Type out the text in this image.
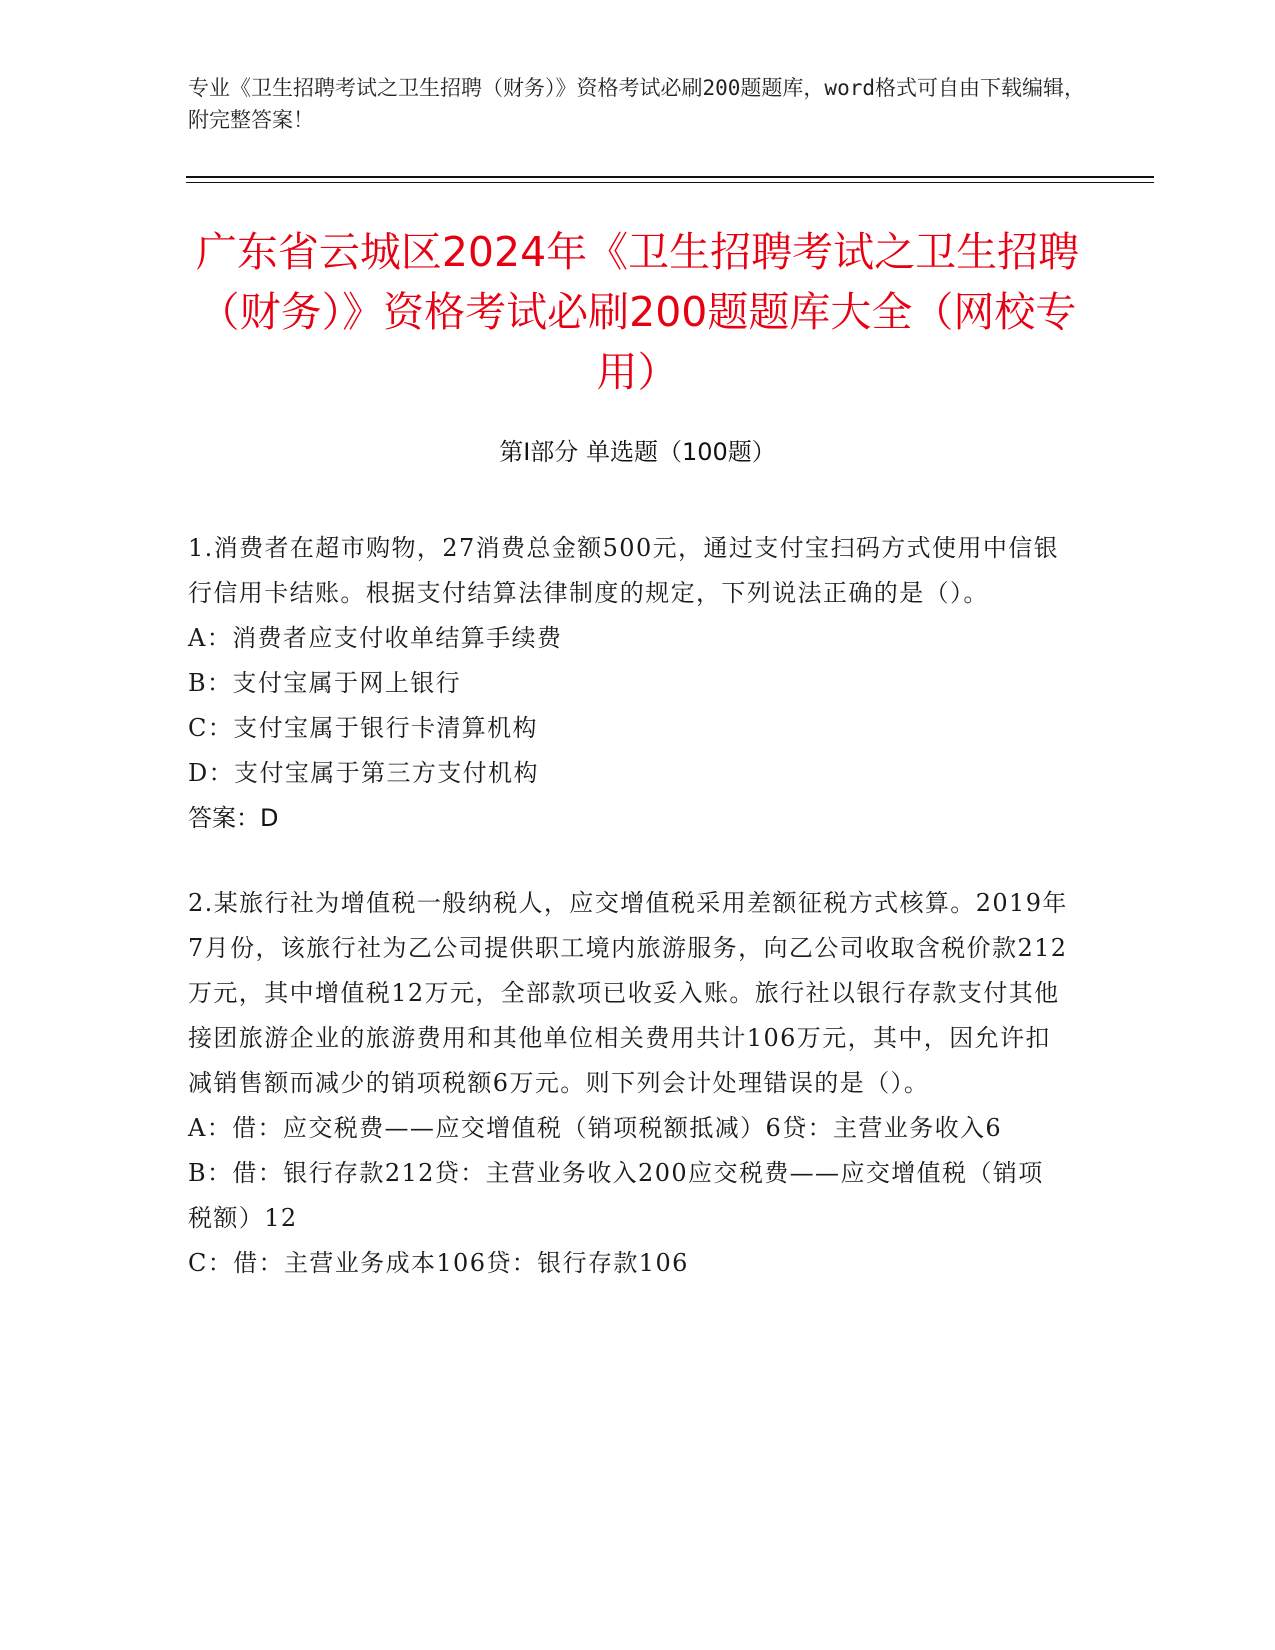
专业《卫生招聘考试之卫生招聘（财务）》资格考试必刷200题题库，word格式可自由下载编辑，附完整答案！
广东省云城区2024年《卫生招聘考试之卫生招聘（财务）》资格考试必刷200题题库大全（网校专用）
第Ⅰ部分 单选题（100题）

1.消费者在超市购物，27消费总金额500元，通过支付宝扫码方式使用中信银行信用卡结账。根据支付结算法律制度的规定，下列说法正确的是（）。

A：消费者应支付收单结算手续费

B：支付宝属于网上银行

C：支付宝属于银行卡清算机构

D：支付宝属于第三方支付机构

答案：D

2.某旅行社为增值税一般纳税人，应交增值税采用差额征税方式核算。2019年7月份，该旅行社为乙公司提供职工境内旅游服务，向乙公司收取含税价款212万元，其中增值税12万元，全部款项已收妥入账。旅行社以银行存款支付其他接团旅游企业的旅游费用和其他单位相关费用共计106万元，其中，因允许扣减销售额而减少的销项税额6万元。则下列会计处理错误的是（）。

A：借：应交税费——应交增值税（销项税额抵减）6贷：主营业务收入6

B：借：银行存款212贷：主营业务收入200应交税费——应交增值税（销项税额）12

C：借：主营业务成本106贷：银行存款106
